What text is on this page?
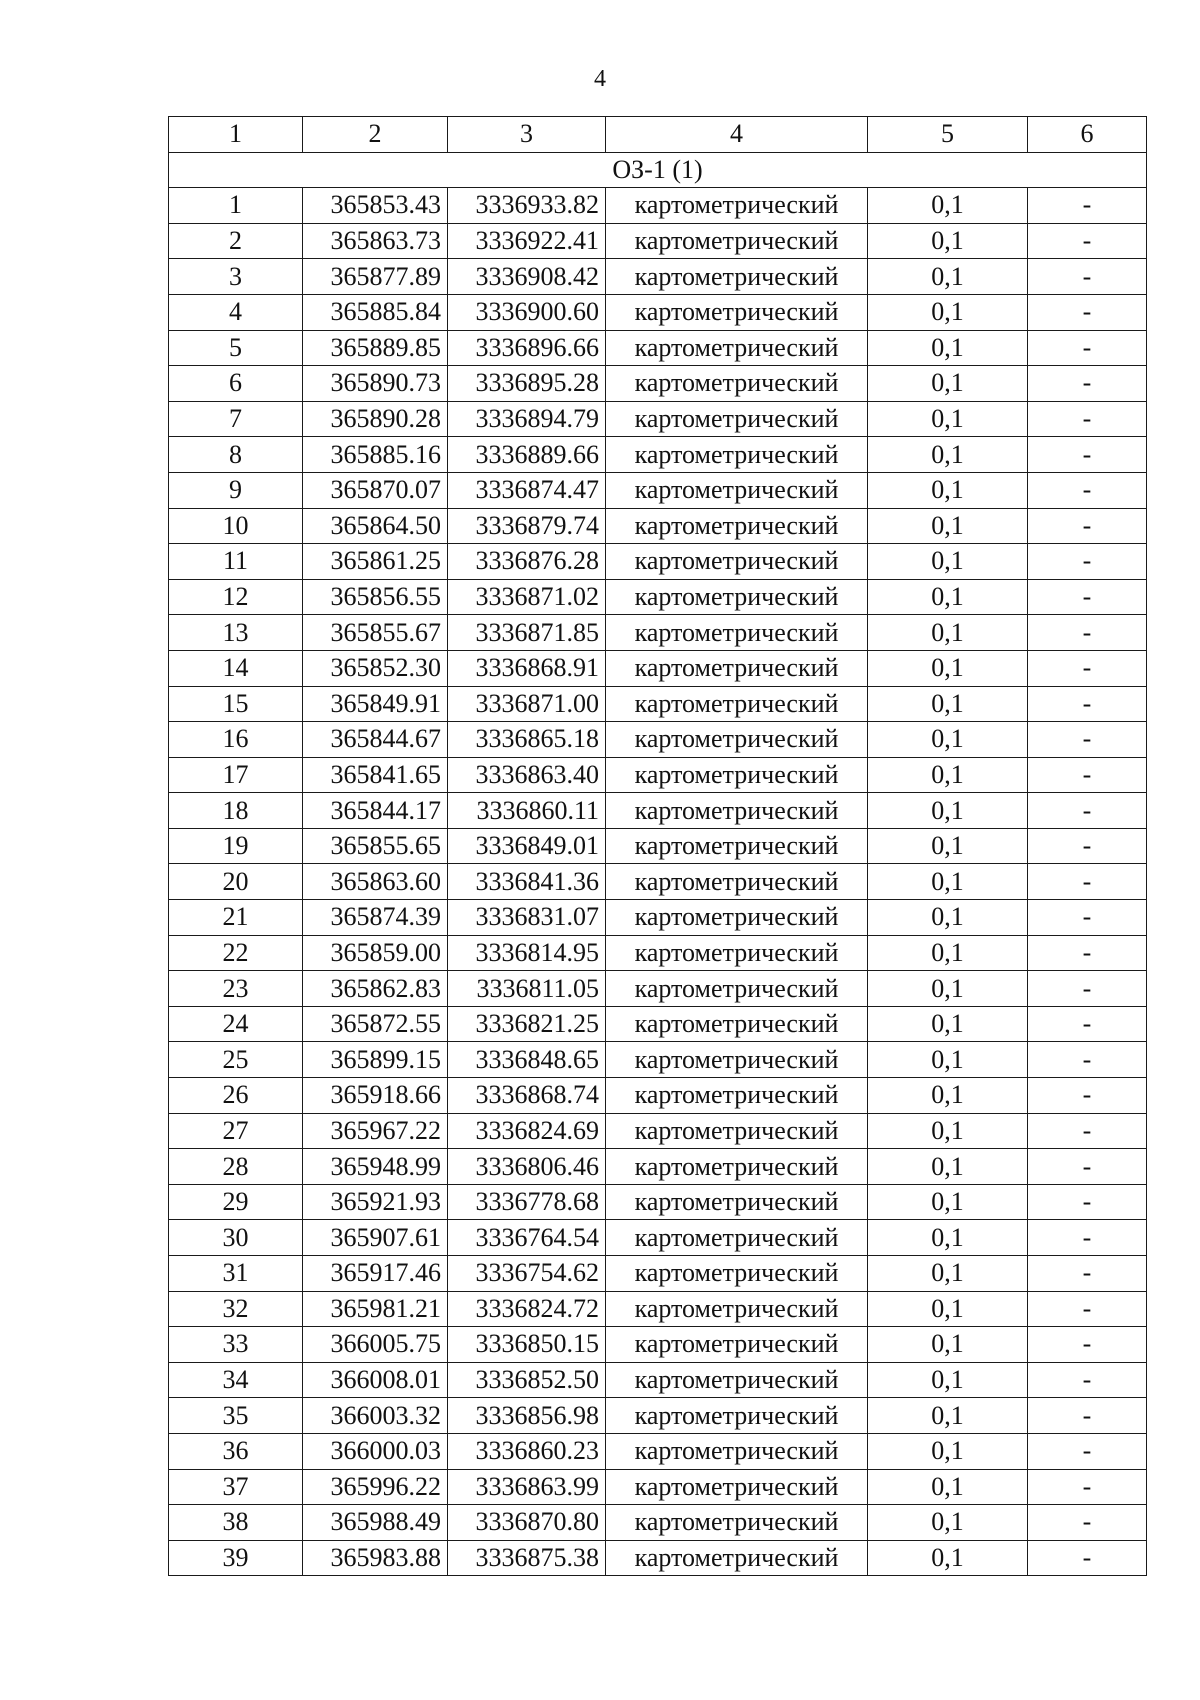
4
1	2	3	4	5	6
ОЗ-1 (1)					
1	365853.43	3336933.82	картометрический	0,1	-
2	365863.73	3336922.41	картометрический	0,1	-
3	365877.89	3336908.42	картометрический	0,1	-
4	365885.84	3336900.60	картометрический	0,1	-
5	365889.85	3336896.66	картометрический	0,1	-
6	365890.73	3336895.28	картометрический	0,1	-
7	365890.28	3336894.79	картометрический	0,1	-
8	365885.16	3336889.66	картометрический	0,1	-
9	365870.07	3336874.47	картометрический	0,1	-
10	365864.50	3336879.74	картометрический	0,1	-
11	365861.25	3336876.28	картометрический	0,1	-
12	365856.55	3336871.02	картометрический	0,1	-
13	365855.67	3336871.85	картометрический	0,1	-
14	365852.30	3336868.91	картометрический	0,1	-
15	365849.91	3336871.00	картометрический	0,1	-
16	365844.67	3336865.18	картометрический	0,1	-
17	365841.65	3336863.40	картометрический	0,1	-
18	365844.17	3336860.11	картометрический	0,1	-
19	365855.65	3336849.01	картометрический	0,1	-
20	365863.60	3336841.36	картометрический	0,1	-
21	365874.39	3336831.07	картометрический	0,1	-
22	365859.00	3336814.95	картометрический	0,1	-
23	365862.83	3336811.05	картометрический	0,1	-
24	365872.55	3336821.25	картометрический	0,1	-
25	365899.15	3336848.65	картометрический	0,1	-
26	365918.66	3336868.74	картометрический	0,1	-
27	365967.22	3336824.69	картометрический	0,1	-
28	365948.99	3336806.46	картометрический	0,1	-
29	365921.93	3336778.68	картометрический	0,1	-
30	365907.61	3336764.54	картометрический	0,1	-
31	365917.46	3336754.62	картометрический	0,1	-
32	365981.21	3336824.72	картометрический	0,1	-
33	366005.75	3336850.15	картометрический	0,1	-
34	366008.01	3336852.50	картометрический	0,1	-
35	366003.32	3336856.98	картометрический	0,1	-
36	366000.03	3336860.23	картометрический	0,1	-
37	365996.22	3336863.99	картометрический	0,1	-
38	365988.49	3336870.80	картометрический	0,1	-
39	365983.88	3336875.38	картометрический	0,1	-
